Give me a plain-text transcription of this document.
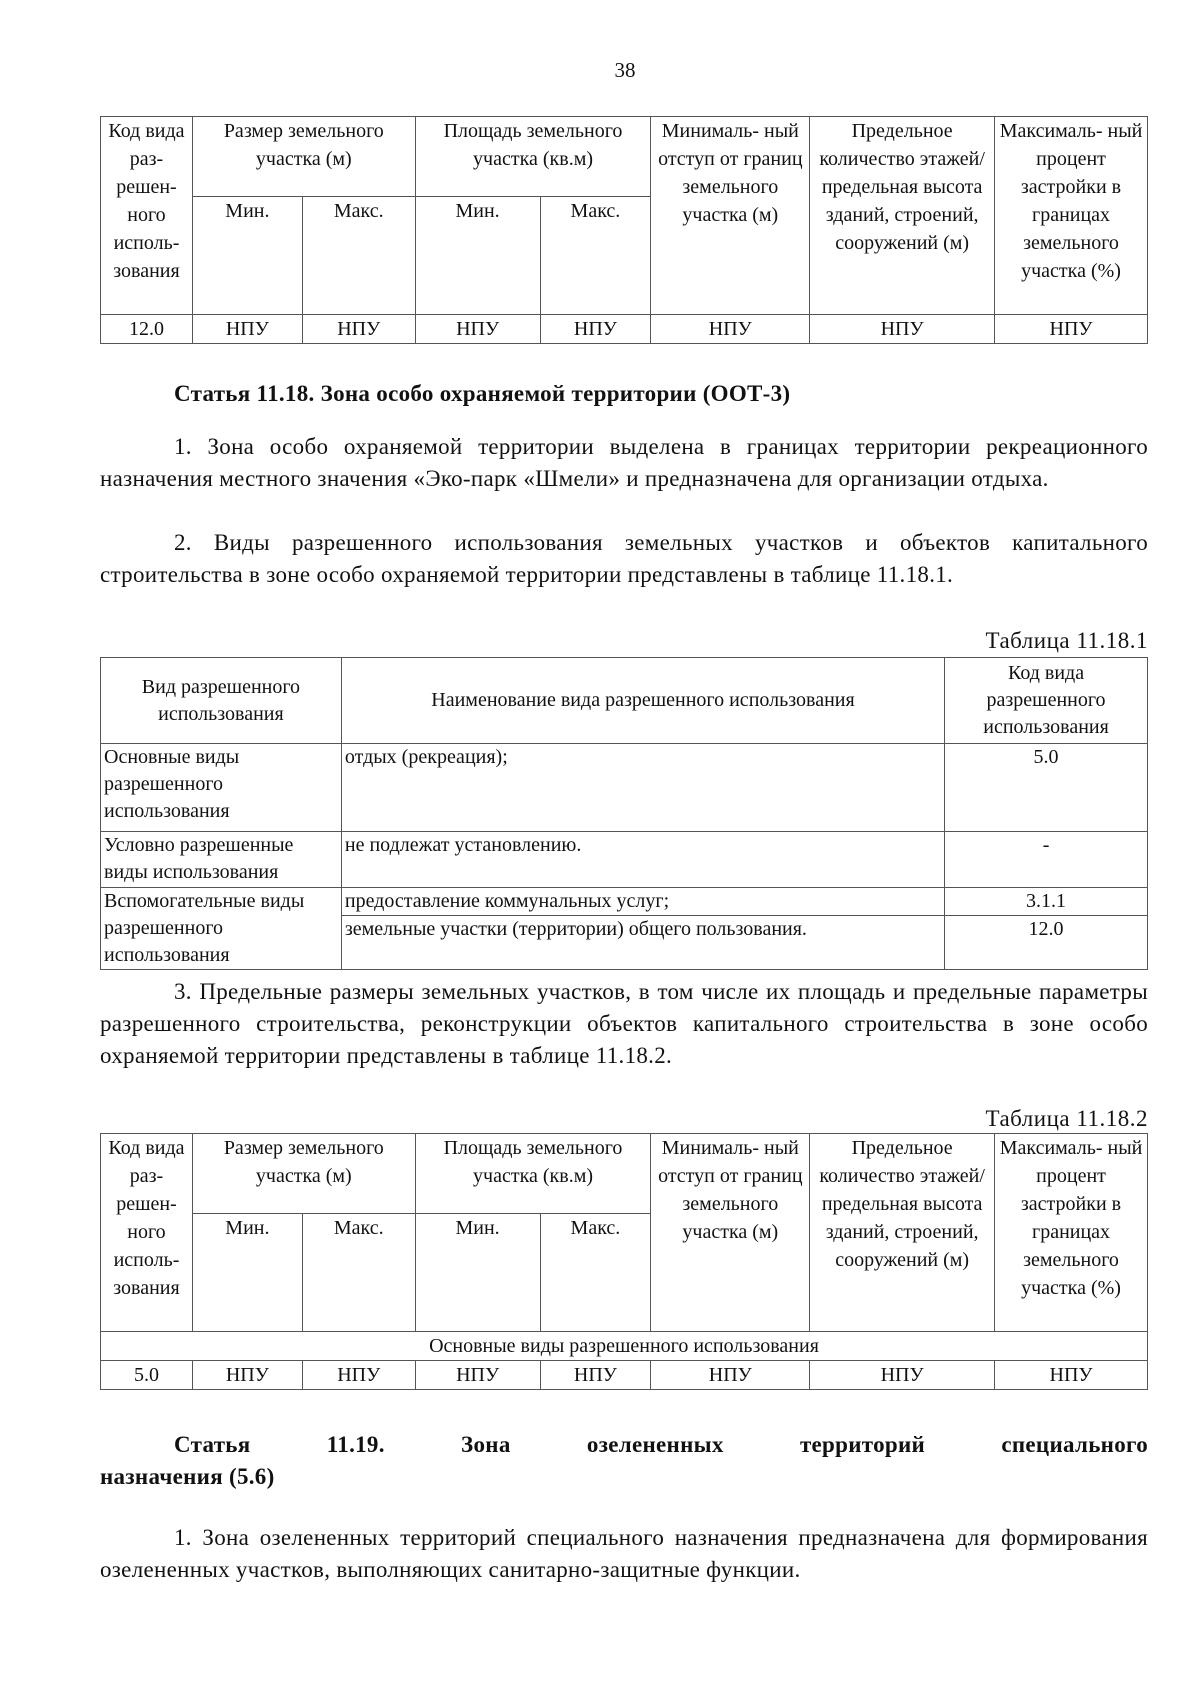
38
Код вида раз- решен- ного исполь- зования	Размер земельного участка (м)		Площадь земельного участка (кв.м)		Минималь- ный отступ от границ земельного участка (м)	Предельное количество этажей/ предельная высота зданий, строений, сооружений (м)	Максималь- ный процент застройки в границах земельного участка (%)
	Мин.	Макс.	Мин.	Макс.			
12.0	НПУ	НПУ	НПУ	НПУ	НПУ	НПУ	НПУ
Статья 11.18. Зона особо охраняемой территории (ООТ-3)

1. Зона особо охраняемой территории выделена в границах территории рекреационного назначения местного значения «Эко-парк «Шмели» и предназначена для организации отдыха.

2. Виды разрешенного использования земельных участков и объектов капитального строительства в зоне особо охраняемой территории представлены в таблице 11.18.1.

Таблица 11.18.1
Вид разрешенного использования	Наименование вида разрешенного использования	Код вида разрешенного использования
Основные виды разрешенного использования	отдых (рекреация);	5.0
Условно разрешенные виды использования	не подлежат установлению.	-
Вспомогательные виды разрешенного использования	предоставление коммунальных услуг;	3.1.1
	земельные участки (территории) общего пользования.	12.0

3. Предельные размеры земельных участков, в том числе их площадь и предельные параметры разрешенного строительства, реконструкции объектов капитального строительства в зоне особо охраняемой территории представлены в таблице 11.18.2.

Таблица 11.18.2
Код вида раз- решен- ного исполь- зования	Размер земельного участка (м)		Площадь земельного участка (кв.м)		Минималь- ный отступ от границ земельного участка (м)	Предельное количество этажей/ предельная высота зданий, строений, сооружений (м)	Максималь- ный процент застройки в границах земельного участка (%)
	Мин.	Макс.	Мин.	Макс.			
Основные виды разрешенного использования							
5.0	НПУ	НПУ	НПУ	НПУ	НПУ	НПУ	НПУ
Статья 11.19. Зона озелененных территорий специального
назначения (5.6)

1. Зона озелененных территорий специального назначения предназначена для формирования озелененных участков, выполняющих санитарно-защитные функции.
